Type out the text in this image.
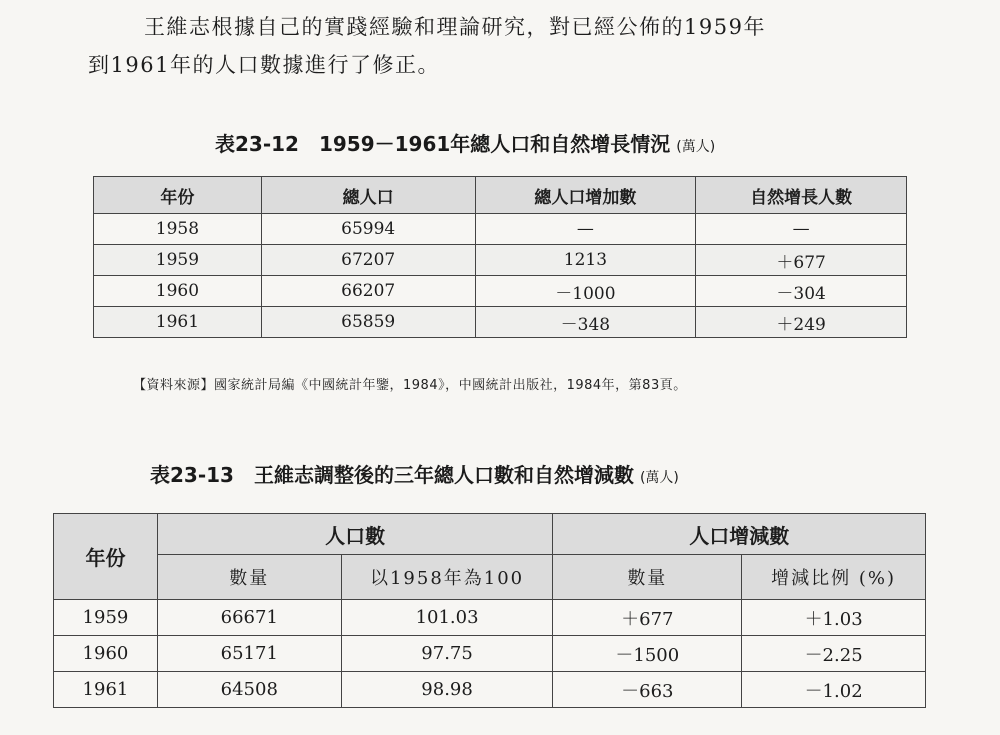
王維志根據自己的實踐經驗和理論研究，對已經公佈的1959年
到1961年的人口數據進行了修正。
表23-12　1959－1961年總人口和自然增長情況 (萬人)
年份	總人口	總人口增加數	自然增長人數
1958	65994	—	—
1959	67207	1213	＋677
1960	66207	－1000	－304
1961	65859	－348	＋249
【資料來源】國家統計局編《中國統計年鑒，1984》，中國統計出版社，1984年，第83頁。
表23-13　王維志調整後的三年總人口數和自然增減數 (萬人)
年份	人口數		人口增減數	
	數量	以1958年為100	數量	增減比例 (%)
1959	66671	101.03	＋677	＋1.03
1960	65171	97.75	－1500	－2.25
1961	64508	98.98	－663	－1.02
